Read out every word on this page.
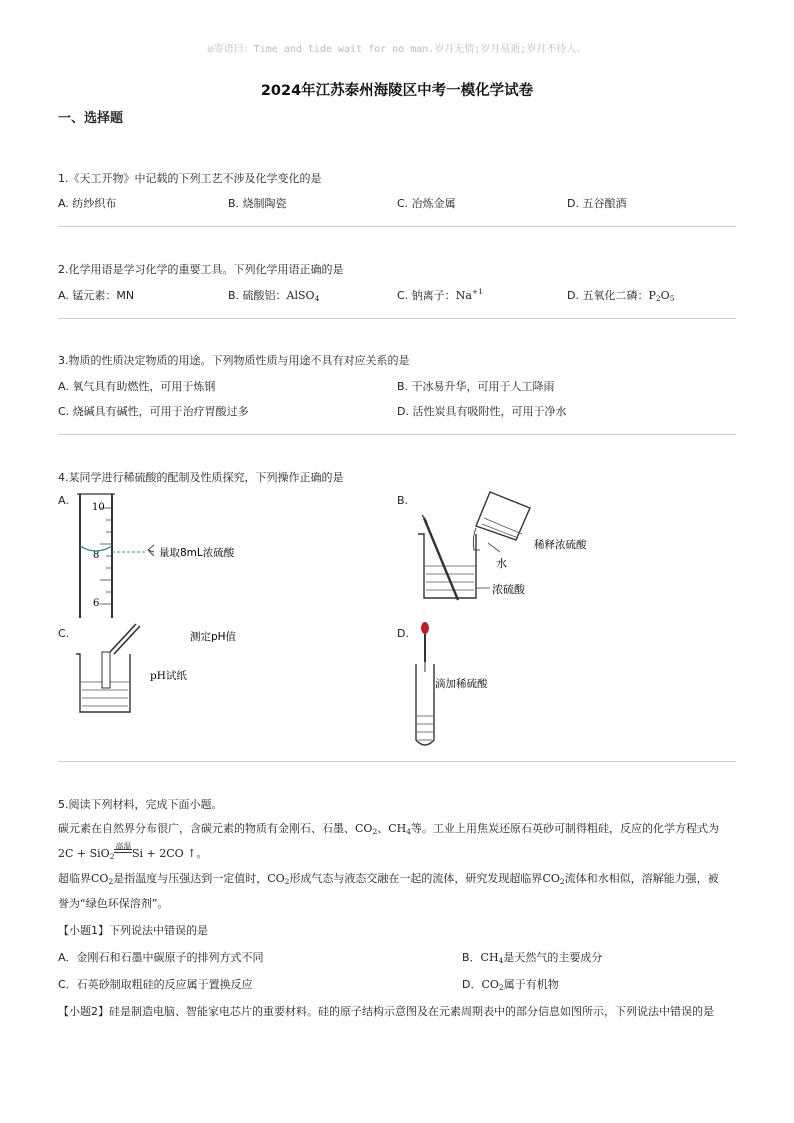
◎寄语曰：Time and tide wait for no man.岁月无情;岁月易逝;岁月不待人。
2024年江苏泰州海陵区中考一模化学试卷
一、选择题
1.《天工开物》中记载的下列工艺不涉及化学变化的是
A. 纺纱织布	B. 烧制陶瓷	C. 冶炼金属	D. 五谷酿酒
2.化学用语是学习化学的重要工具。下列化学用语正确的是
A. 锰元素：MN	B. 硫酸铝：AlSO$_4$	C. 钠离子：$Na^{+1}$	D. 五氧化二磷：$P_2O_5$
3.物质的性质决定物质的用途。下列物质性质与用途不具有对应关系的是
A. 氧气具有助燃性，可用于炼钢	B. 干冰易升华，可用于人工降雨
C. 烧碱具有碱性，可用于治疗胃酸过多	D. 活性炭具有吸附性，可用于净水
4.某同学进行稀硫酸的配制及性质探究，下列操作正确的是
A.	B.
C.	D.
10
8
6
量取8mL浓硫酸
水
稀释浓硫酸
浓硫酸
测定pH值
pH试纸
滴加稀硫酸
5.阅读下列材料，完成下面小题。
碳元素在自然界分布很广，含碳元素的物质有金刚石、石墨、$CO_2$、$CH_4$等。工业上用焦炭还原石英砂可制得粗硅，反应的化学方程式为
2C + SiO$_2$
高温
Si + 2CO ↑。
超临界$CO_2$是指温度与压强达到一定值时，$CO_2$形成气态与液态交融在一起的流体，研究发现超临界$CO_2$流体和水相似，溶解能力强，被
誉为“绿色环保溶剂”。
【小题1】下列说法中错误的是
A．金刚石和石墨中碳原子的排列方式不同	B．$CH_4$是天然气的主要成分
C．石英砂制取粗硅的反应属于置换反应	D．$CO_2$属于有机物
【小题2】硅是制造电脑、智能家电芯片的重要材料。硅的原子结构示意图及在元素周期表中的部分信息如图所示，下列说法中错误的是
